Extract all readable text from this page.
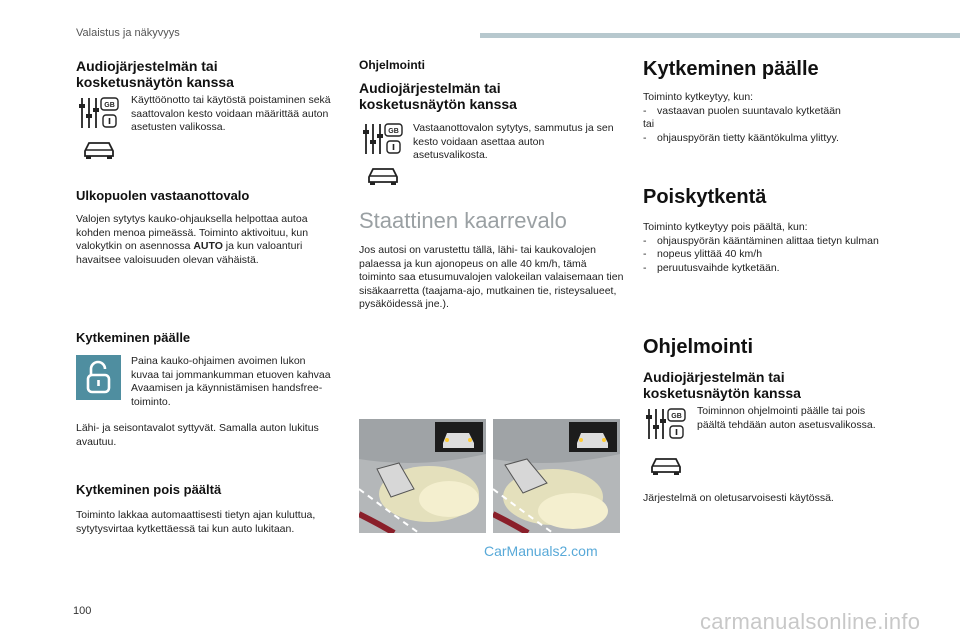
Valaistus ja näkyvyys
Audiojärjestelmän tai kosketusnäytön kanssa
GB Käyttöönotto tai käytöstä poistaminen sekä saattovalon kesto voidaan määrittää auton asetusten valikossa.
Ulkopuolen vastaanottovalo
Valojen sytytys kauko-ohjauksella helpottaa autoa kohden menoa pimeässä. Toiminto aktivoituu, kun valokytkin on asennossa AUTO ja kun valoanturi havaitsee valoisuuden olevan vähäistä.
Kytkeminen päälle
Paina kauko-ohjaimen avoimen lukon kuvaa tai jommankumman etuoven kahvaa Avaamisen ja käynnistämisen handsfree-toiminto.
Lähi- ja seisontavalot syttyvät. Samalla auton lukitus avautuu.
Kytkeminen pois päältä
Toiminto lakkaa automaattisesti tietyn ajan kuluttua, sytytysvirtaa kytkettäessä tai kun auto lukitaan.
Ohjelmointi
Audiojärjestelmän tai kosketusnäytön kanssa
GB Vastaanottovalon sytytys, sammutus ja sen kesto voidaan asettaa auton asetusvalikosta.
Staattinen kaarrevalo
Jos autosi on varustettu tällä, lähi- tai kaukovalojen palaessa ja kun ajonopeus on alle 40 km/h, tämä toiminto saa etusumuvalojen valokeilan valaisemaan tien sisäkaarretta (taajama-ajo, mutkainen tie, risteysalueet, pysäköidessä jne.).
CarManuals2.com
Kytkeminen päälle
Toiminto kytkeytyy, kun:
- vastaavan puolen suuntavalo kytketään
tai
- ohjauspyörän tietty kääntökulma ylittyy.
Poiskytkentä
Toiminto kytkeytyy pois päältä, kun:
- ohjauspyörän kääntäminen alittaa tietyn kulman
- nopeus ylittää 40 km/h
- peruutusvaihde kytketään.
Ohjelmointi
Audiojärjestelmän tai kosketusnäytön kanssa
GB Toiminnon ohjelmointi päälle tai pois päältä tehdään auton asetusvalikossa.
Järjestelmä on oletusarvoisesti käytössä.
100	carmanualsonline.info
